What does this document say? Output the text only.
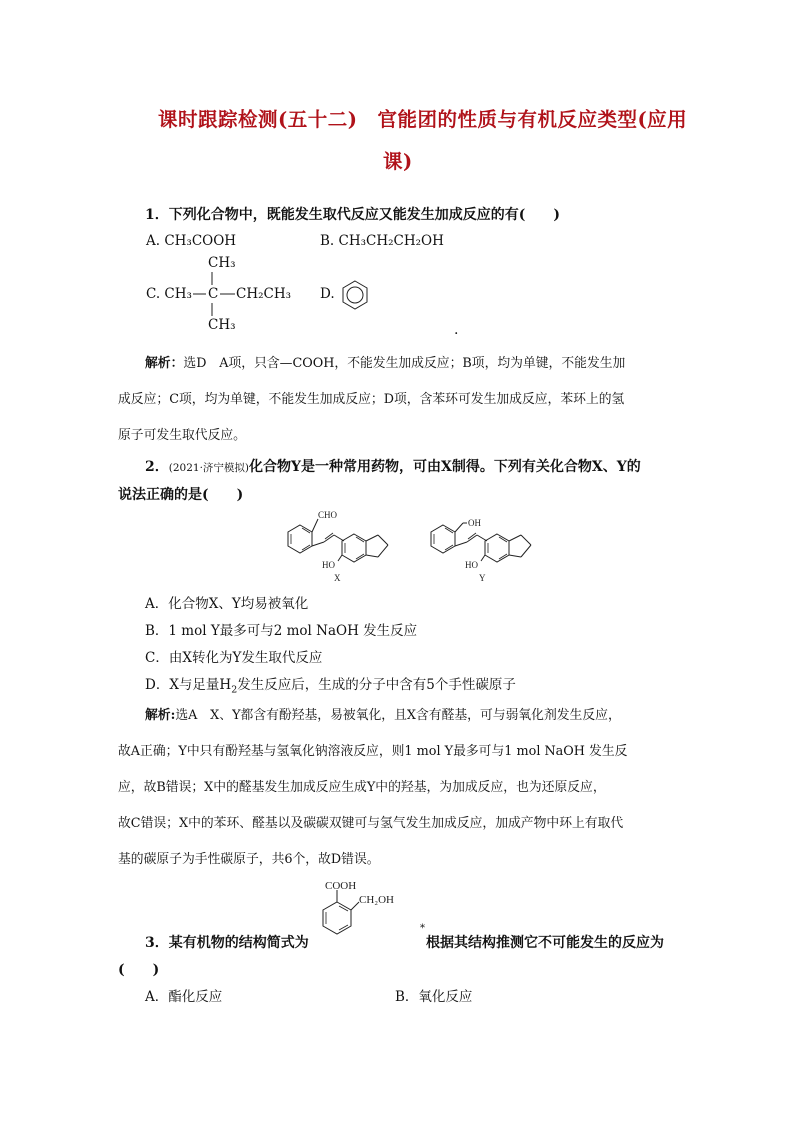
课时跟踪检测(五十二)　官能团的性质与有机反应类型(应用
课)
1．下列化合物中，既能发生取代反应又能发生加成反应的有(　　)
A. CH₃COOH	B. CH₃CH₂CH₂OH
CH₃
C. CH₃ C CH₂CH₃
CH₃
D.
.
解析：选D　A项，只含—COOH，不能发生加成反应；B项，均为单键，不能发生加
成反应；C项，均为单键，不能发生加成反应；D项，含苯环可发生加成反应，苯环上的氢
原子可发生取代反应。
2．(2021·济宁模拟)化合物Y是一种常用药物，可由X制得。下列有关化合物X、Y的
说法正确的是(　　)
CHO
HO
X
OH
HO
Y
A．化合物X、Y均易被氧化
B．1 mol Y最多可与2 mol NaOH 发生反应
C．由X转化为Y发生取代反应
D．X与足量$H_2$发生反应后，生成的分子中含有5个手性碳原子
解析:选A　X、Y都含有酚羟基，易被氧化，且X含有醛基，可与弱氧化剂发生反应，
故A正确；Y中只有酚羟基与氢氧化钠溶液反应，则1 mol Y最多可与1 mol NaOH 发生反
应，故B错误；X中的醛基发生加成反应生成Y中的羟基，为加成反应，也为还原反应，
故C错误；X中的苯环、醛基以及碳碳双键可与氢气发生加成反应，加成产物中环上有取代
基的碳原子为手性碳原子，共6个，故D错误。
COOH
CH₂OH
3．某有机物的结构简式为
*
根据其结构推测它不可能发生的反应为
(　　)
A．酯化反应	B．氧化反应
